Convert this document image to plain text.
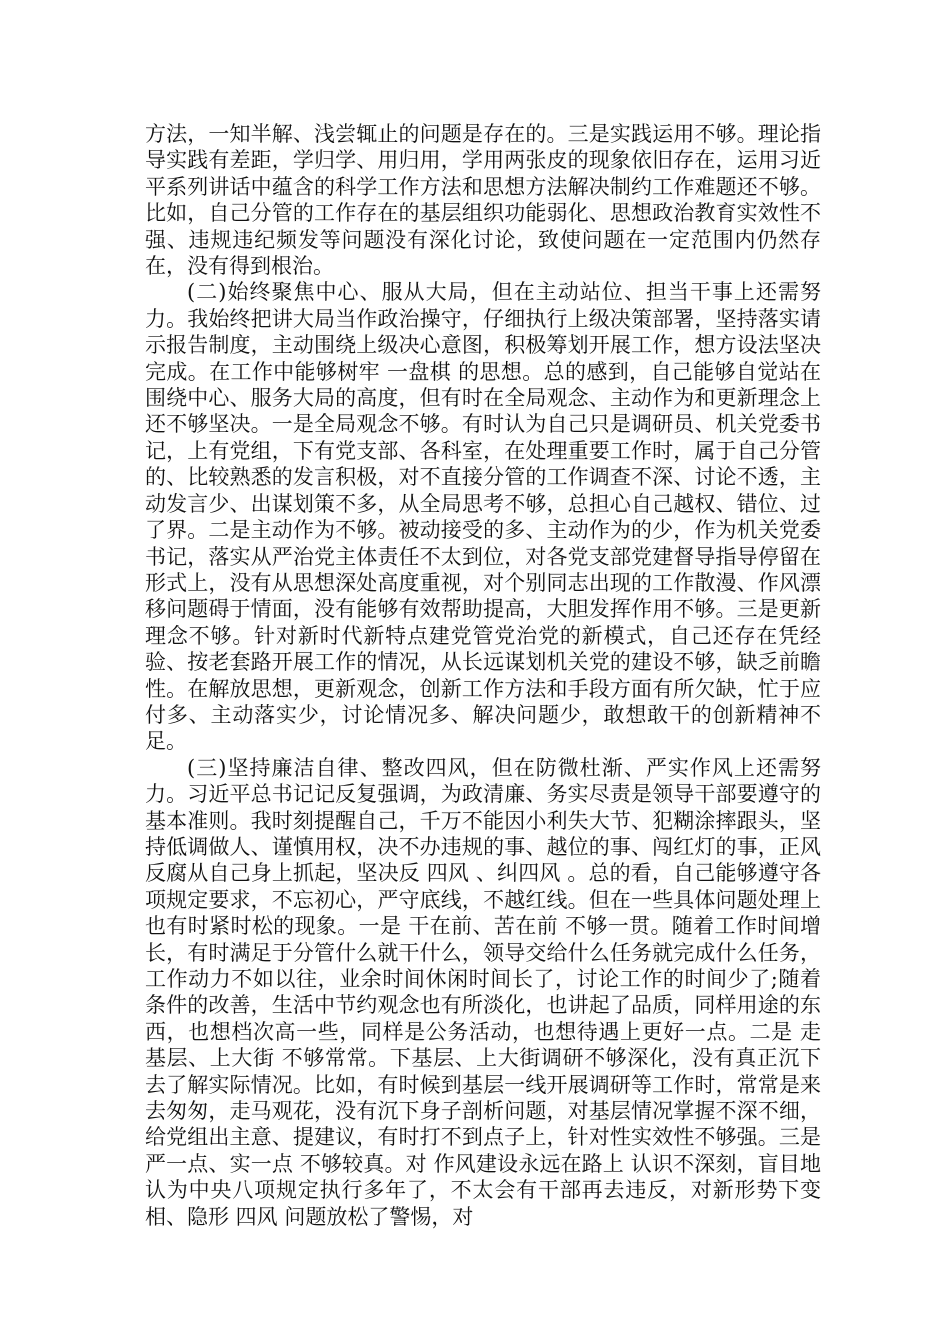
方法，一知半解、浅尝辄止的问题是存在的。三是实践运用不够。理论指导实践有差距，学归学、用归用，学用两张皮的现象依旧存在，运用习近平系列讲话中蕴含的科学工作方法和思想方法解决制约工作难题还不够。比如，自己分管的工作存在的基层组织功能弱化、思想政治教育实效性不强、违规违纪频发等问题没有深化讨论，致使问题在一定范围内仍然存在，没有得到根治。

(二)始终聚焦中心、服从大局，但在主动站位、担当干事上还需努力。我始终把讲大局当作政治操守，仔细执行上级决策部署，坚持落实请示报告制度，主动围绕上级决心意图，积极筹划开展工作，想方设法坚决完成。在工作中能够树牢 一盘棋 的思想。总的感到，自己能够自觉站在围绕中心、服务大局的高度，但有时在全局观念、主动作为和更新理念上还不够坚决。一是全局观念不够。有时认为自己只是调研员、机关党委书记，上有党组，下有党支部、各科室，在处理重要工作时，属于自己分管的、比较熟悉的发言积极，对不直接分管的工作调查不深、讨论不透，主动发言少、出谋划策不多，从全局思考不够，总担心自己越权、错位、过了界。二是主动作为不够。被动接受的多、主动作为的少，作为机关党委书记，落实从严治党主体责任不太到位，对各党支部党建督导指导停留在形式上，没有从思想深处高度重视，对个别同志出现的工作散漫、作风漂移问题碍于情面，没有能够有效帮助提高，大胆发挥作用不够。三是更新理念不够。针对新时代新特点建党管党治党的新模式，自己还存在凭经验、按老套路开展工作的情况，从长远谋划机关党的建设不够，缺乏前瞻性。在解放思想，更新观念，创新工作方法和手段方面有所欠缺，忙于应付多、主动落实少，讨论情况多、解决问题少，敢想敢干的创新精神不足。

(三)坚持廉洁自律、整改四风，但在防微杜渐、严实作风上还需努力。习近平总书记记反复强调，为政清廉、务实尽责是领导干部要遵守的基本准则。我时刻提醒自己，千万不能因小利失大节、犯糊涂摔跟头，坚持低调做人、谨慎用权，决不办违规的事、越位的事、闯红灯的事，正风反腐从自己身上抓起，坚决反 四风 、纠四风 。总的看，自己能够遵守各项规定要求，不忘初心，严守底线，不越红线。但在一些具体问题处理上也有时紧时松的现象。一是 干在前、苦在前 不够一贯。随着工作时间增长，有时满足于分管什么就干什么，领导交给什么任务就完成什么任务，工作动力不如以往，业余时间休闲时间长了，讨论工作的时间少了;随着条件的改善，生活中节约观念也有所淡化，也讲起了品质，同样用途的东西，也想档次高一些，同样是公务活动，也想待遇上更好一点。二是 走基层、上大街 不够常常。下基层、上大街调研不够深化，没有真正沉下去了解实际情况。比如，有时候到基层一线开展调研等工作时，常常是来去匆匆，走马观花，没有沉下身子剖析问题，对基层情况掌握不深不细，给党组出主意、提建议，有时打不到点子上，针对性实效性不够强。三是 严一点、实一点 不够较真。对 作风建设永远在路上 认识不深刻，盲目地认为中央八项规定执行多年了，不太会有干部再去违反，对新形势下变相、隐形 四风 问题放松了警惕，对
